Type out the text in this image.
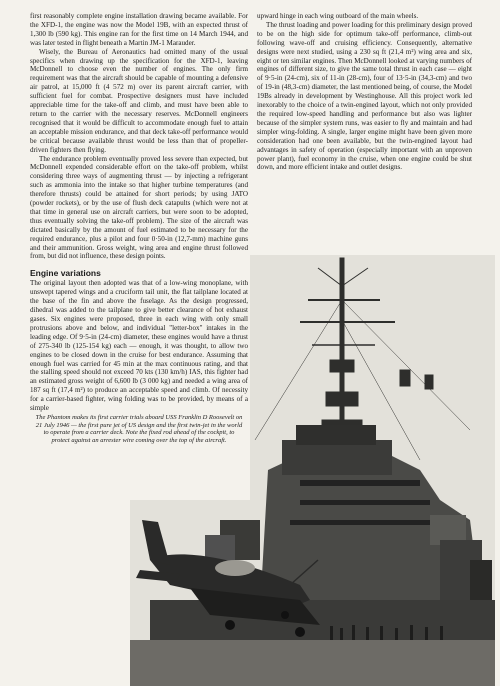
first reasonably complete engine installation drawing became available. For the XFD-1, the engine was now the Model 19B, with an expected thrust of 1,300 lb (590 kg). This engine ran for the first time on 14 March 1944, and was later tested in flight beneath a Martin JM-1 Marauder.

Wisely, the Bureau of Aeronautics had omitted many of the usual specifics when drawing up the specification for the XFD-1, leaving McDonnell to choose even the number of engines. The only firm requirement was that the aircraft should be capable of mounting a defensive air patrol, at 15,000 ft (4 572 m) over its parent aircraft carrier, with sufficient fuel for combat. Prospective designers must have included appreciable time for the take-off and climb, and must have been able to return to the carrier with the necessary reserves. McDonnell engineers recognised that it would be difficult to accommodate enough fuel to attain an acceptable mission endurance, and that deck take-off performance would be critical because available thrust would be less than that of propeller-driven fighters then flying.

The endurance problem eventually proved less severe than expected, but McDonnell expended considerable effort on the take-off problem, whilst considering three ways of augmenting thrust — by injecting a refrigerant such as ammonia into the intake so that higher turbine temperatures (and therefore thrusts) could be attained for short periods; by using JATO (powder rockets), or by the use of flush deck catapults (which were not at that time in general use on aircraft carriers, but were soon to be adopted, thus eventually solving the take-off problem). The size of the aircraft was dictated basically by the amount of fuel estimated to be necessary for the required endurance, plus a pilot and four 0·50-in (12,7-mm) machine guns and their ammunition. Gross weight, wing area and engine thrust followed from, but did not influence, these design points.

Engine variations

The original layout then adopted was that of a low-wing monoplane, with unswept tapered wings and a cruciform tail unit, the flat tailplane located at the base of the fin and above the fuselage. As the design progressed, dihedral was added to the tailplane to give better clearance of hot exhaust gases. Six engines were proposed, three in each wing with only small protrusions above and below, and individual "letter-box" intakes in the leading edge. Of 9·5-in (24-cm) diameter, these engines would have a thrust of 275-340 lb (125-154 kg) each — enough, it was thought, to allow two engines to be closed down in the cruise for best endurance. Assuming that enough fuel was carried for 45 min at the max continuous rating, and that the stalling speed should not exceed 70 kts (130 km/h) IAS, this fighter had an estimated gross weight of 6,600 lb (3 000 kg) and needed a wing area of 187 sq ft (17,4 m²) to produce an acceptable speed and climb. Of necessity for a carrier-based fighter, wing folding was to be provided, by means of a simple

The Phantom makes its first carrier trials aboard USS Franklin D Roosevelt on 21 July 1946 — the first pure jet of US design and the first twin-jet in the world to operate from a carrier deck. Note the fixed rod ahead of the cockpit, to protect against an arrester wire coming over the top of the aircraft.

upward hinge in each wing outboard of the main wheels.

The thrust loading and power loading for this preliminary design proved to be on the high side for optimum take-off performance, climb-out following wave-off and cruising efficiency. Consequently, alternative designs were next studied, using a 230 sq ft (21,4 m²) wing area and six, eight or ten similar engines. Then McDonnell looked at varying numbers of engines of different size, to give the same total thrust in each case — eight of 9·5-in (24-cm), six of 11-in (28-cm), four of 13·5-in (34,3-cm) and two of 19-in (48,3-cm) diameter, the last mentioned being, of course, the Model 19Bs already in development by Westinghouse. All this project work led inexorably to the choice of a twin-engined layout, which not only provided the required low-speed handling and performance but also was lighter because of the simpler system runs, was easier to fly and maintain and had simpler wing-folding. A single, larger engine might have been given more consideration had one been available, but the twin-engined layout had advantages in safety of operation (especially important with an unproven power plant), fuel economy in the cruise, when one engine could be shut down, and more efficient intake and outlet designs.
